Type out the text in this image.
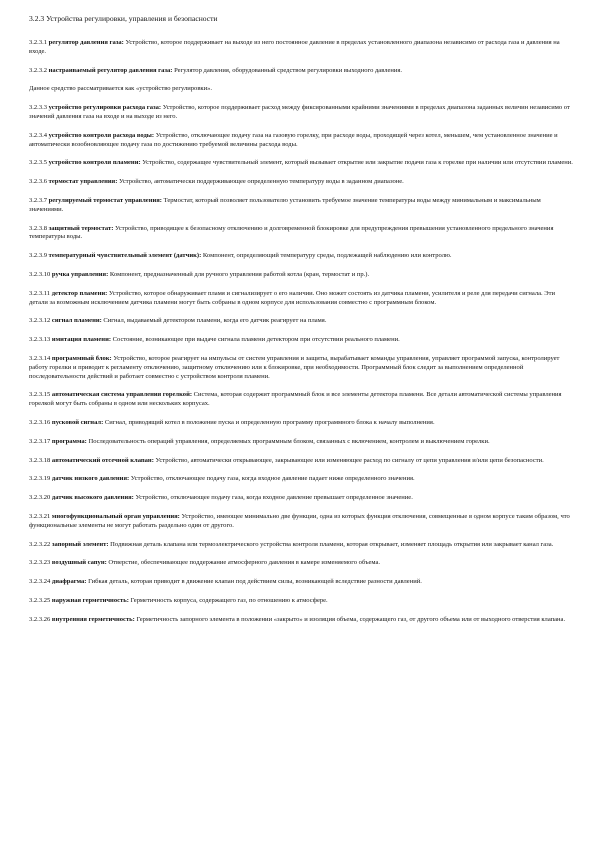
3.2.3 Устройства регулировки, управления и безопасности
3.2.3.1 регулятор давления газа: Устройство, которое поддерживает на выходе из него постоянное давление в пределах установленного диапазона независимо от расхода газа и давления на входе.
3.2.3.2 настраиваемый регулятор давления газа: Регулятор давления, оборудованный средством регулировки выходного давления.
Данное средство рассматривается как «устройство регулировки».
3.2.3.3 устройство регулировки расхода газа: Устройство, которое поддерживает расход между фиксированными крайними значениями в пределах диапазона заданных величин независимо от значений давления газа на входе и на выходе из него.
3.2.3.4 устройство контроля расхода воды: Устройство, отключающее подачу газа на газовую горелку, при расходе воды, проходящей через котел, меньшем, чем установленное значение и автоматически возобновляющее подачу газа по достижению требуемой величины расхода воды.
3.2.3.5 устройство контроля пламени: Устройство, содержащее чувствительный элемент, который вызывает открытие или закрытие подачи газа к горелке при наличии или отсутствии пламени.
3.2.3.6 термостат управления: Устройство, автоматически поддерживающее определенную температуру воды в заданном диапазоне.
3.2.3.7 регулируемый термостат управления: Термостат, который позволяет пользователю установить требуемое значение температуры воды между минимальным и максимальным значениями.
3.2.3.8 защитный термостат: Устройство, приводящее к безопасному отключению и долговременной блокировке для предупреждения превышения установленного предельного значения температуры воды.
3.2.3.9 температурный чувствительный элемент (датчик): Компонент, определяющий температуру среды, подлежащей наблюдению или контролю.
3.2.3.10 ручка управления: Компонент, предназначенный для ручного управления работой котла (кран, термостат и пр.).
3.2.3.11 детектор пламени: Устройство, которое обнаруживает пламя и сигнализирует о его наличии. Оно может состоять из датчика пламени, усилителя и реле для передачи сигнала. Эти детали за возможным исключением датчика пламени могут быть собраны в одном корпусе для использования совместно с программным блоком.
3.2.3.12 сигнал пламени: Сигнал, выдаваемый детектором пламени, когда его датчик реагирует на пламя.
3.2.3.13 имитация пламени: Состояние, возникающее при выдаче сигнала пламени детектором при отсутствии реального пламени.
3.2.3.14 программный блок: Устройство, которое реагирует на импульсы от систем управления и защиты, вырабатывает команды управления, управляет программой запуска, контролирует работу горелки и приводит к регламенту отключению, защитному отключению или к блокировке, при необходимости. Программный блок следит за выполнением определенной последовательности действий и работает совместно с устройством контроля пламени.
3.2.3.15 автоматическая система управления горелкой: Система, которая содержит программный блок и все элементы детектора пламени. Все детали автоматической системы управления горелкой могут быть собраны в одном или нескольких корпусах.
3.2.3.16 пусковой сигнал: Сигнал, приводящий котел в положение пуска и определенную программу программного блока к началу выполнения.
3.2.3.17 программа: Последовательность операций управления, определяемых программным блоком, связанных с включением, контролем и выключением горелки.
3.2.3.18 автоматический отсечной клапан: Устройство, автоматически открывающее, закрывающее или изменяющее расход по сигналу от цепи управления и/или цепи безопасности.
3.2.3.19 датчик низкого давления: Устройство, отключающее подачу газа, когда входное давление падает ниже определенного значения.
3.2.3.20 датчик высокого давления: Устройство, отключающее подачу газа, когда входное давление превышает определенное значение.
3.2.3.21 многофункциональный орган управления: Устройство, имеющее минимально две функции, одна из которых функция отключения, совмещенные в одном корпусе таким образом, что функциональные элементы не могут работать раздельно один от другого.
3.2.3.22 запорный элемент: Подвижная деталь клапана или термоэлектрического устройства контроля пламени, которая открывает, изменяет площадь открытия или закрывает канал газа.
3.2.3.23 воздушный сапун: Отверстие, обеспечивающее поддержание атмосферного давления в камере изменяемого объема.
3.2.3.24 диафрагма: Гибкая деталь, которая приводит в движение клапан под действием силы, возникающей вследствие разности давлений.
3.2.3.25 наружная герметичность: Герметичность корпуса, содержащего газ, по отношению к атмосфере.
3.2.3.26 внутренняя герметичность: Герметичность запорного элемента в положении «закрыто» и изоляция объема, содержащего газ, от другого объема или от выходного отверстия клапана.
